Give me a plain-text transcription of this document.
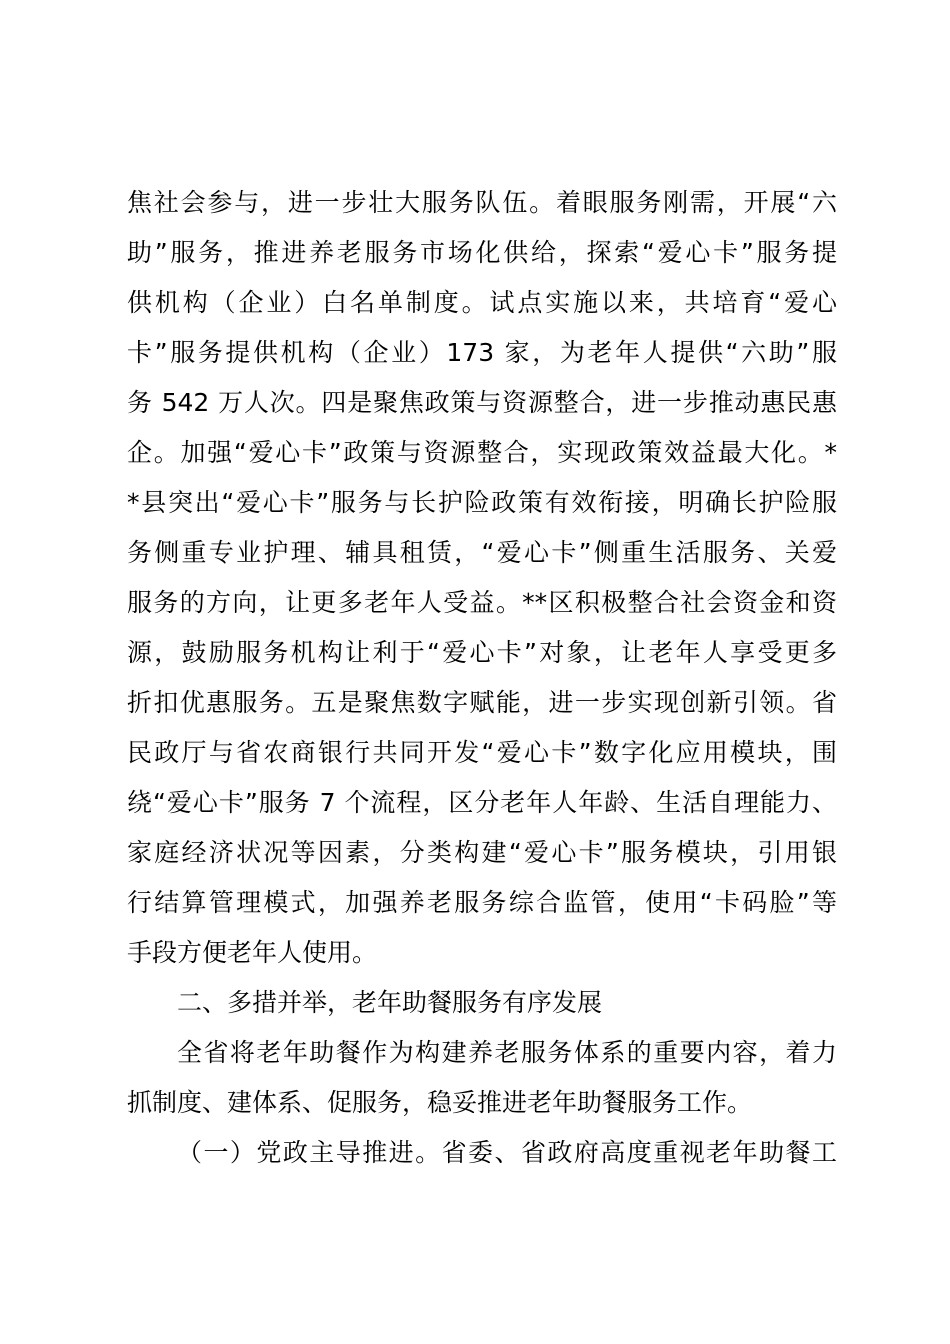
焦社会参与，进一步壮大服务队伍。着眼服务刚需，开展“六
助”服务，推进养老服务市场化供给，探索“爱心卡”服务提
供机构（企业）白名单制度。试点实施以来，共培育“爱心
卡”服务提供机构（企业）173 家，为老年人提供“六助”服
务 542 万人次。四是聚焦政策与资源整合，进一步推动惠民惠
企。加强“爱心卡”政策与资源整合，实现政策效益最大化。*
*县突出“爱心卡”服务与长护险政策有效衔接，明确长护险服
务侧重专业护理、辅具租赁，“爱心卡”侧重生活服务、关爱
服务的方向，让更多老年人受益。**区积极整合社会资金和资
源，鼓励服务机构让利于“爱心卡”对象，让老年人享受更多
折扣优惠服务。五是聚焦数字赋能，进一步实现创新引领。省
民政厅与省农商银行共同开发“爱心卡”数字化应用模块，围
绕“爱心卡”服务 7 个流程，区分老年人年龄、生活自理能力、
家庭经济状况等因素，分类构建“爱心卡”服务模块，引用银
行结算管理模式，加强养老服务综合监管，使用“卡码脸”等
手段方便老年人使用。
二、多措并举，老年助餐服务有序发展
全省将老年助餐作为构建养老服务体系的重要内容，着力
抓制度、建体系、促服务，稳妥推进老年助餐服务工作。
（一）党政主导推进。省委、省政府高度重视老年助餐工
